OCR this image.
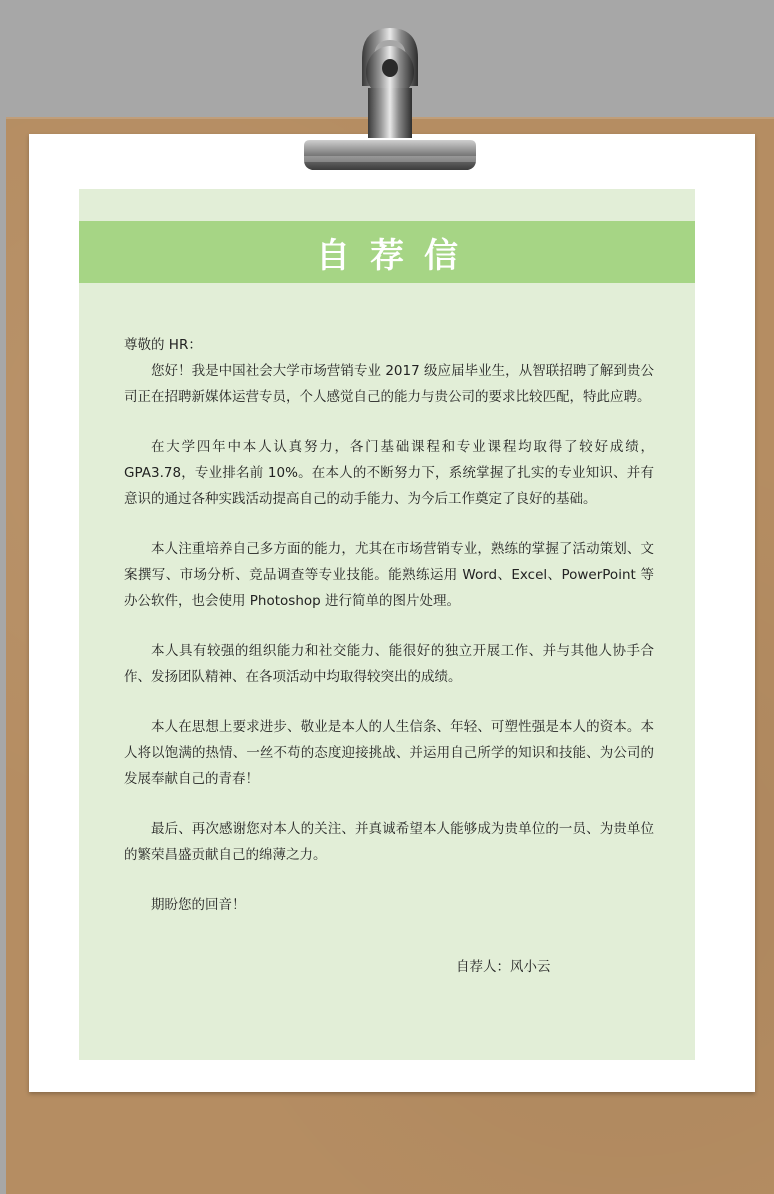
自荐信

尊敬的 HR：

您好！我是中国社会大学市场营销专业 2017 级应届毕业生，从智联招聘了解到贵公司正在招聘新媒体运营专员，个人感觉自己的能力与贵公司的要求比较匹配，特此应聘。

在大学四年中本人认真努力，各门基础课程和专业课程均取得了较好成绩，GPA3.78，专业排名前 10%。在本人的不断努力下，系统掌握了扎实的专业知识、并有意识的通过各种实践活动提高自己的动手能力、为今后工作奠定了良好的基础。

本人注重培养自己多方面的能力，尤其在市场营销专业，熟练的掌握了活动策划、文案撰写、市场分析、竞品调查等专业技能。能熟练运用 Word、Excel、PowerPoint 等办公软件，也会使用 Photoshop 进行简单的图片处理。

本人具有较强的组织能力和社交能力、能很好的独立开展工作、并与其他人协手合作、发扬团队精神、在各项活动中均取得较突出的成绩。

本人在思想上要求进步、敬业是本人的人生信条、年轻、可塑性强是本人的资本。本人将以饱满的热情、一丝不苟的态度迎接挑战、并运用自己所学的知识和技能、为公司的发展奉献自己的青春！

最后、再次感谢您对本人的关注、并真诚希望本人能够成为贵单位的一员、为贵单位的繁荣昌盛贡献自己的绵薄之力。

期盼您的回音！

自荐人：风小云
